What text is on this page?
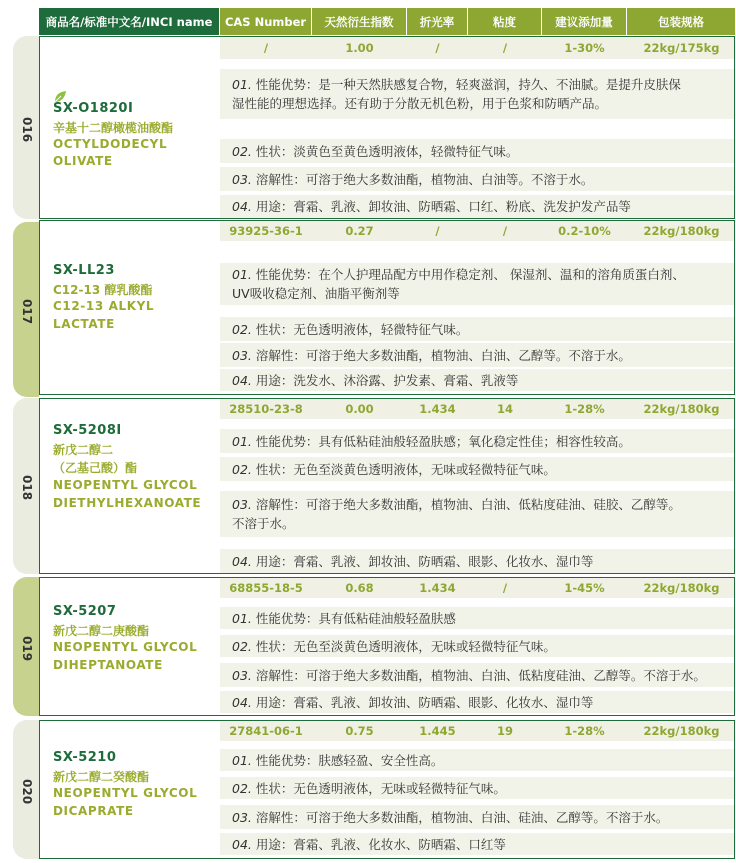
商品名/标准中文名/INCI name	CAS Number	天然衍生指数	折光率	粘度	建议添加量	包装规格
016
SX-O1820I
辛基十二醇橄榄油酸酯
OCTYLDODECYL
OLIVATE
/	1.00	/	/	1-30%	22kg/175kg
01. 性能优势：是一种天然肤感复合物，轻爽滋润，持久、不油腻。是提升皮肤保
湿性能的理想选择。还有助于分散无机色粉，用于色浆和防晒产品。
02. 性状：淡黄色至黄色透明液体，轻微特征气味。
03. 溶解性：可溶于绝大多数油酯，植物油、白油等。不溶于水。
04. 用途：膏霜、乳液、卸妆油、防晒霜、口红、粉底、洗发护发产品等
017
SX-LL23
C12-13 醇乳酸酯
C12-13 ALKYL
LACTATE
93925-36-1	0.27	/	/	0.2-10%	22kg/180kg
01. 性能优势：在个人护理品配方中用作稳定剂、 保湿剂、温和的溶角质蛋白剂、
UV吸收稳定剂、油脂平衡剂等
02. 性状：无色透明液体，轻微特征气味。
03. 溶解性：可溶于绝大多数油酯，植物油、白油、乙醇等。不溶于水。
04. 用途：洗发水、沐浴露、护发素、膏霜、乳液等
018
SX-5208I
新戊二醇二
（乙基己酸）酯
NEOPENTYL GLYCOL
DIETHYLHEXANOATE
28510-23-8	0.00	1.434	14	1-28%	22kg/180kg
01. 性能优势：具有低粘硅油般轻盈肤感；氧化稳定性佳；相容性较高。
02. 性状：无色至淡黄色透明液体，无味或轻微特征气味。
03. 溶解性：可溶于绝大多数油酯，植物油、白油、低粘度硅油、硅胶、乙醇等。
不溶于水。
04. 用途：膏霜、乳液、卸妆油、防晒霜、眼影、化妆水、湿巾等
019
SX-5207
新戊二醇二庚酸酯
NEOPENTYL GLYCOL
DIHEPTANOATE
68855-18-5	0.68	1.434	/	1-45%	22kg/180kg
01. 性能优势：具有低粘硅油般轻盈肤感
02. 性状：无色至淡黄色透明液体，无味或轻微特征气味。
03. 溶解性：可溶于绝大多数油酯，植物油、白油、低粘度硅油、乙醇等。不溶于水。
04. 用途：膏霜、乳液、卸妆油、防晒霜、眼影、化妆水、湿巾等
020
SX-5210
新戊二醇二癸酸酯
NEOPENTYL GLYCOL
DICAPRATE
27841-06-1	0.75	1.445	19	1-28%	22kg/180kg
01. 性能优势：肤感轻盈、安全性高。
02. 性状：无色透明液体，无味或轻微特征气味。
03. 溶解性：可溶于绝大多数油酯，植物油、白油、硅油、乙醇等。不溶于水。
04. 用途：膏霜、乳液、化妆水、防晒霜、口红等
